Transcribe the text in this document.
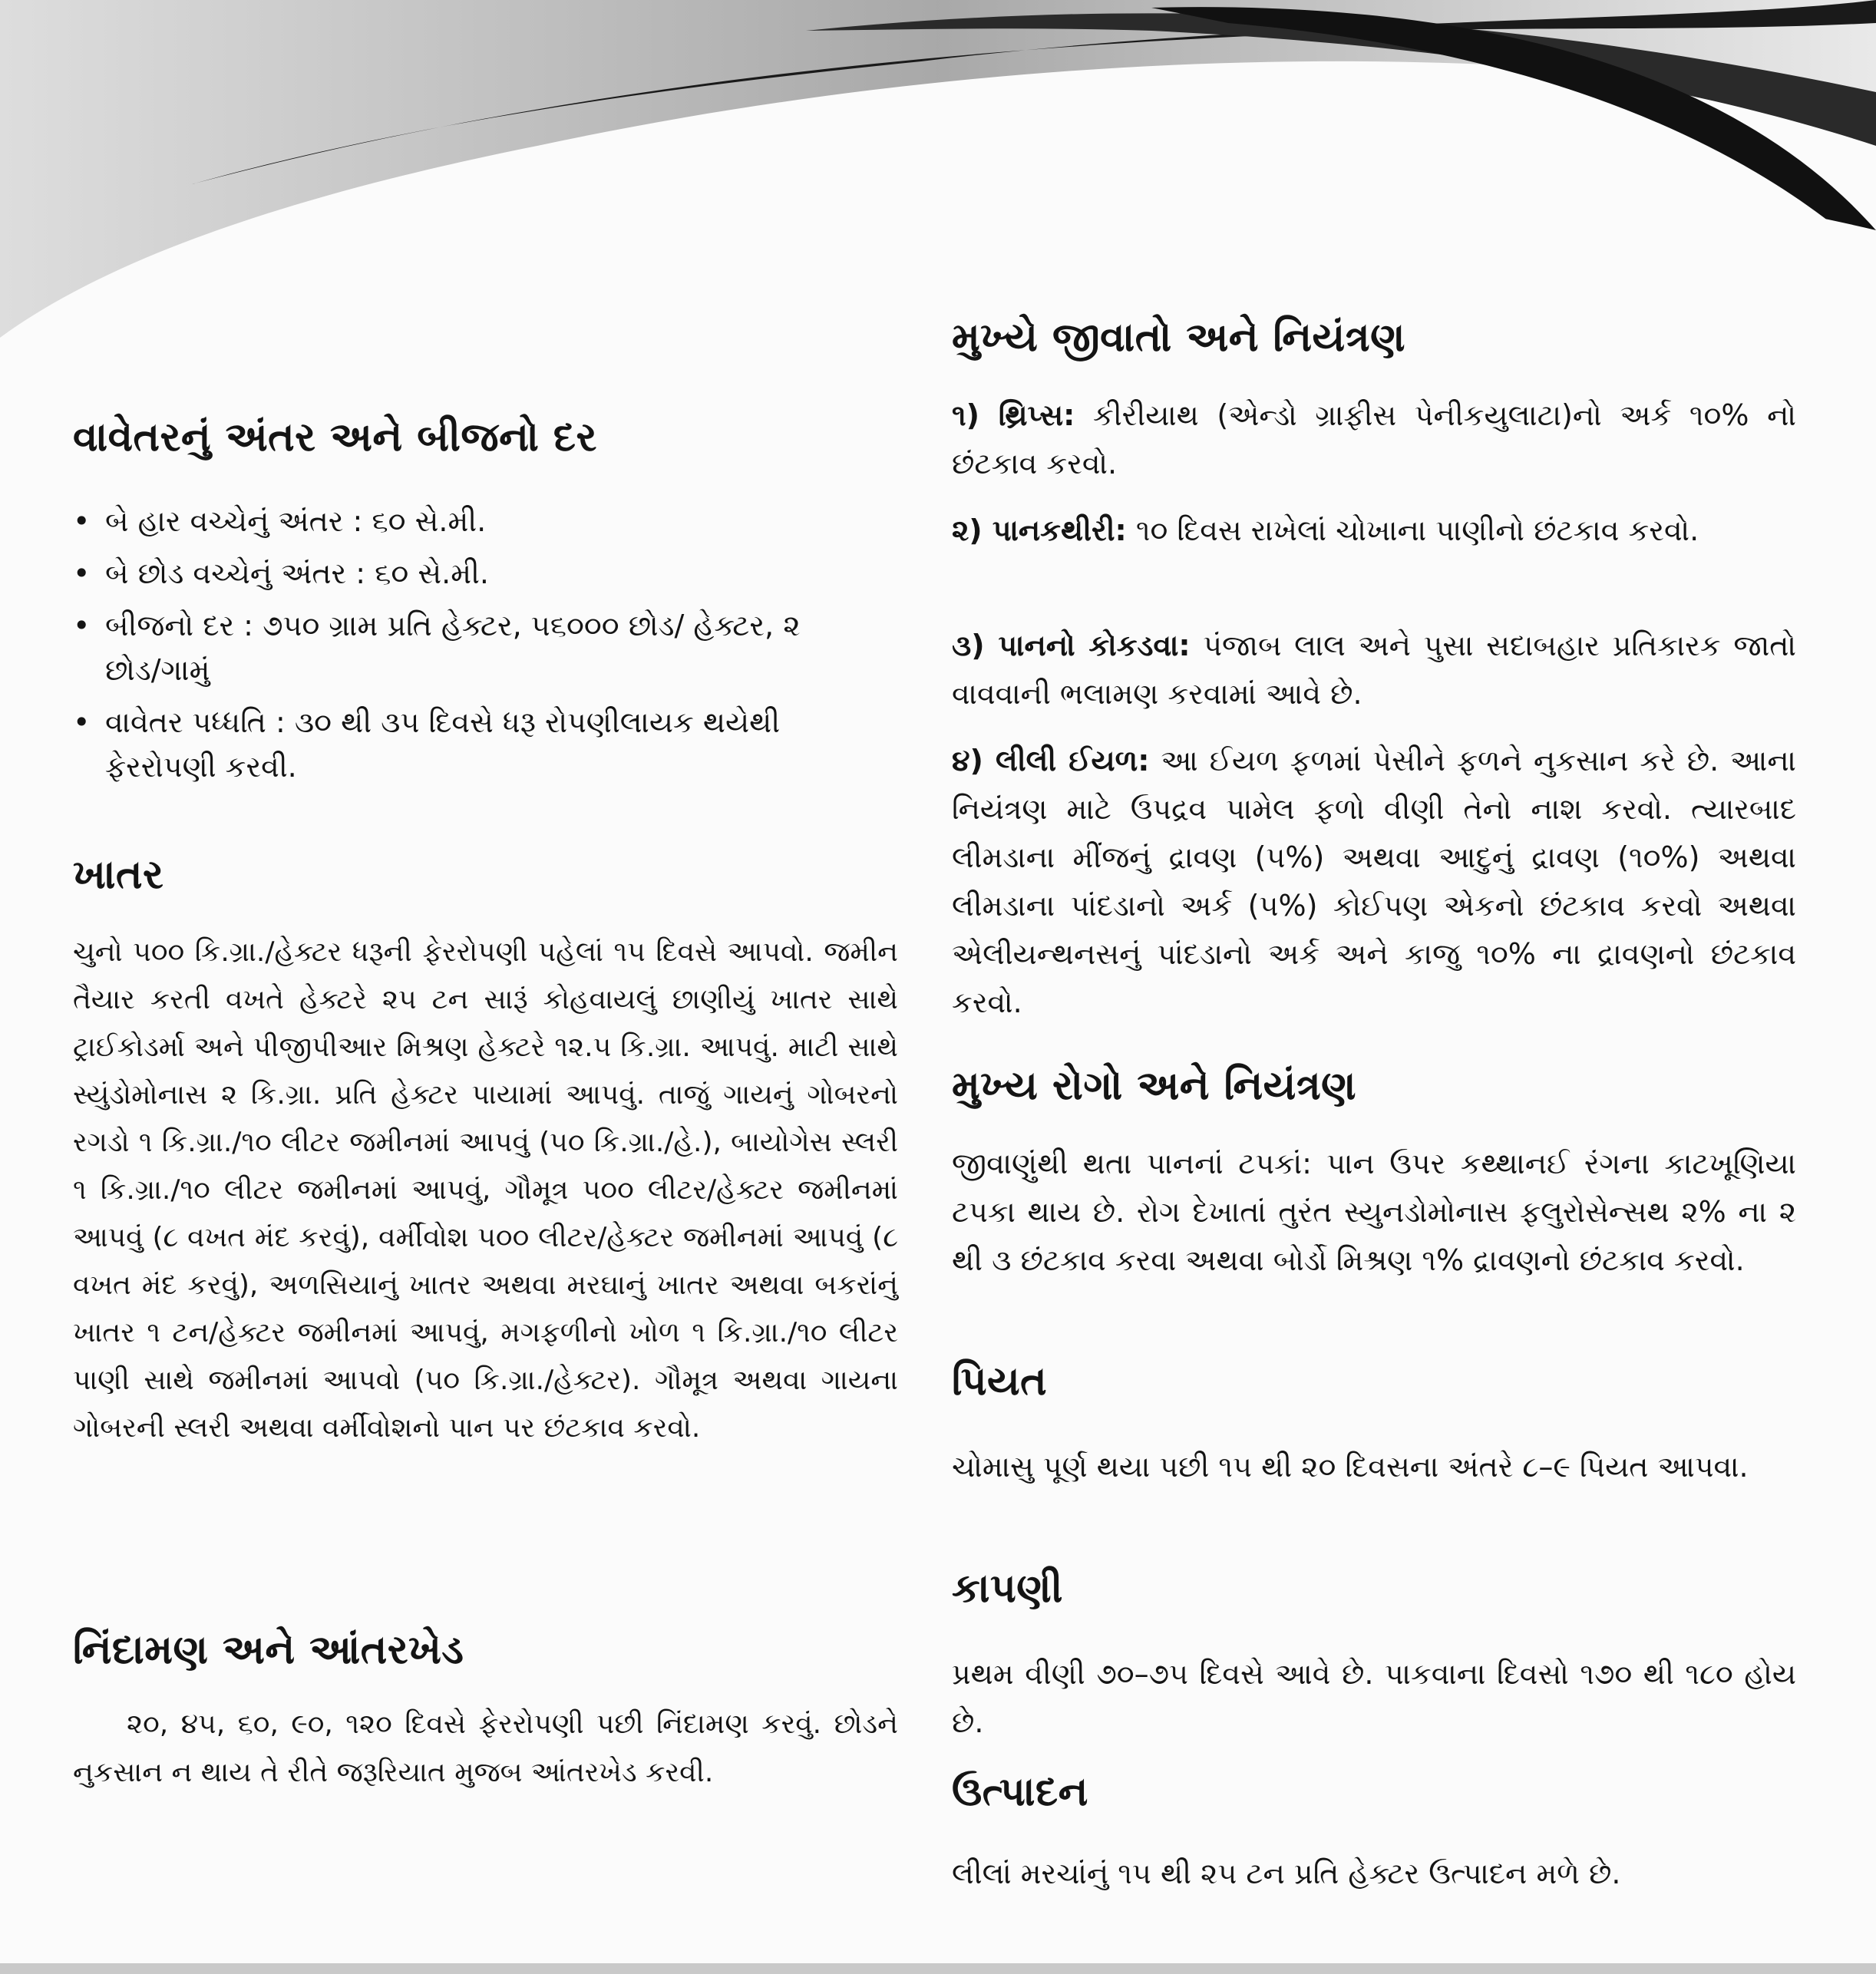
વાવેતરનું અંતર અને બીજનો દર
• બે હાર વચ્ચેનું અંતર : ૬૦ સે.મી.
• બે છોડ વચ્ચેનું અંતર : ૬૦ સે.મી.
• બીજનો દર : ૭૫૦ ગ્રામ પ્રતિ હેક્ટર, ૫૬૦૦૦ છોડ/ હેક્ટર, ૨ છોડ/ગામું
• વાવેતર પધ્ધતિ : ૩૦ થી ૩૫ દિવસે ધરૂ રોપણીલાયક થયેથી ફેરરોપણી કરવી.
ખાતર

ચુનો ૫૦૦ કિ.ગ્રા./હેક્ટર ધરૂની ફેરરોપણી પહેલાં ૧૫ દિવસે આપવો. જમીન તૈયાર કરતી વખતે હેક્ટરે ૨૫ ટન સારૂં કોહવાયલું છાણીયું ખાતર સાથે ટ્રાઈકોડર્મા અને પીજીપીઆર મિશ્રણ હેક્ટરે ૧૨.૫ કિ.ગ્રા. આપવું. માટી સાથે સ્યુંડોમોનાસ ૨ કિ.ગ્રા. પ્રતિ હેક્ટર પાયામાં આપવું. તાજું ગાયનું ગોબરનો રગડો ૧ કિ.ગ્રા./૧૦ લીટર જમીનમાં આપવું (૫૦ કિ.ગ્રા./હે.), બાયોગેસ સ્લરી ૧ કિ.ગ્રા./૧૦ લીટર જમીનમાં આપવું, ગૌમૂત્ર ૫૦૦ લીટર/હેક્ટર જમીનમાં આપવું (૮ વખત મંદ કરવું), વર્મીવોશ ૫૦૦ લીટર/હેક્ટર જમીનમાં આપવું (૮ વખત મંદ કરવું), અળસિયાનું ખાતર અથવા મરઘાનું ખાતર અથવા બકરાંનું ખાતર ૧ ટન/હેક્ટર જમીનમાં આપવું, મગફળીનો ખોળ ૧ કિ.ગ્રા./૧૦ લીટર પાણી સાથે જમીનમાં આપવો (૫૦ કિ.ગ્રા./હેક્ટર). ગૌમૂત્ર અથવા ગાયના ગોબરની સ્લરી અથવા વર્મીવોશનો પાન પર છંટકાવ કરવો.

નિંદામણ અને આંતરખેડ

૨૦, ૪૫, ૬૦, ૯૦, ૧૨૦ દિવસે ફેરરોપણી પછી નિંદામણ કરવું. છોડને નુકસાન ન થાય તે રીતે જરૂરિયાત મુજબ આંતરખેડ કરવી.

મુખ્યે જીવાતો અને નિયંત્રણ

૧) થ્રિપ્સ: કીરીયાથ (એન્ડો ગ્રાફીસ પેનીકયુલાટા)નો અર્ક ૧૦% નો છંટકાવ કરવો.

૨) પાનકથીરી: ૧૦ દિવસ રાખેલાં ચોખાના પાણીનો છંટકાવ કરવો.

૩) પાનનો કોકડવા: પંજાબ લાલ અને પુસા સદાબહાર પ્રતિકારક જાતો વાવવાની ભલામણ કરવામાં આવે છે.

૪) લીલી ઈયળ: આ ઈયળ ફળમાં પેસીને ફળને નુકસાન કરે છે. આના નિયંત્રણ માટે ઉપદ્રવ પામેલ ફળો વીણી તેનો નાશ કરવો. ત્યારબાદ લીમડાના મીંજનું દ્રાવણ (૫%) અથવા આદુનું દ્રાવણ (૧૦%) અથવા લીમડાના પાંદડાનો અર્ક (૫%) કોઈપણ એકનો છંટકાવ કરવો અથવા એલીયન્થનસનું પાંદડાનો અર્ક અને કાજુ ૧૦% ના દ્રાવણનો છંટકાવ કરવો.

મુખ્ય રોગો અને નિયંત્રણ

જીવાણુંથી થતા પાનનાં ટપકાં: પાન ઉપર કથ્થાનઈ રંગના કાટખૂણિયા ટપકા થાય છે. રોગ દેખાતાં તુરંત સ્યુનડોમોનાસ ફલુરોસેન્સથ ૨% ના ૨ થી ૩ છંટકાવ કરવા અથવા બોર્ડો મિશ્રણ ૧% દ્રાવણનો છંટકાવ કરવો.

પિયત

ચોમાસુ પૂર્ણ થયા પછી ૧૫ થી ૨૦ દિવસના અંતરે ૮–૯ પિયત આપવા.

કાપણી

પ્રથમ વીણી ૭૦–૭૫ દિવસે આવે છે. પાકવાના દિવસો ૧૭૦ થી ૧૮૦ હોય છે.

ઉત્પાદન

લીલાં મરચાંનું ૧૫ થી ૨૫ ટન પ્રતિ હેક્ટર ઉત્પાદન મળે છે.
